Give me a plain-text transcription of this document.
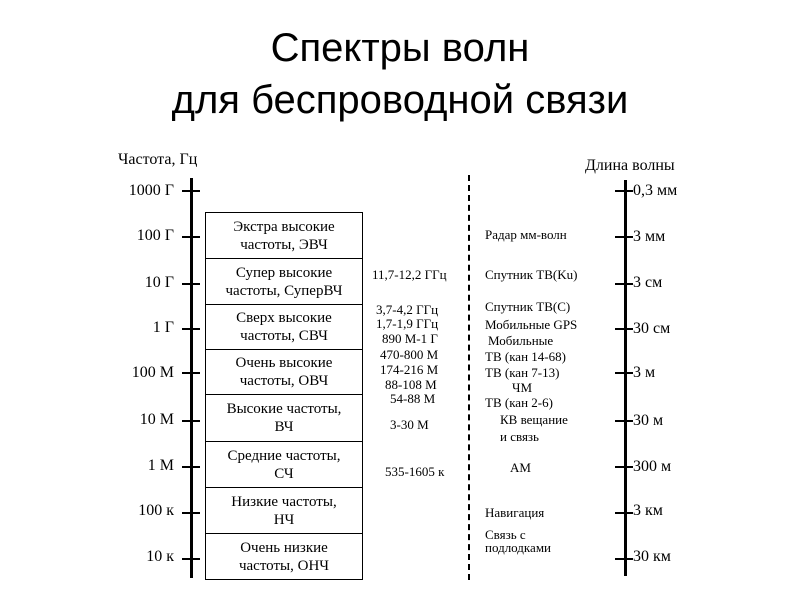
Спектры волн
для беспроводной связи
Частота, Гц	Длина волны
1000 Г
100 Г
10 Г
1 Г
100 М
10 М
1 М
100 к
10 к
0,3 мм
3 мм
3 см
30 см
3 м
30 м
300 м
3 км
30 км
Экстра высокие
частоты, ЭВЧ
Супер высокие
частоты, СуперВЧ
Сверх высокие
частоты, СВЧ
Очень высокие
частоты, ОВЧ
Высокие частоты,
ВЧ
Средние частоты,
СЧ
Низкие частоты,
НЧ
Очень низкие
частоты, ОНЧ
11,7-12,2 ГГц
3,7-4,2 ГГц
1,7-1,9 ГГц
890 М-1 Г
470-800 М
174-216 М
88-108 М
54-88 М
3-30 М
535-1605 к
Радар мм-волн
Спутник ТВ(Ku)
Спутник ТВ(C)
Мобильные GPS
Мобильные
ТВ (кан 14-68)
ТВ (кан 7-13)
ЧМ
ТВ (кан 2-6)
КВ вещание
и связь
AM
Навигация
Связь с
подлодками
